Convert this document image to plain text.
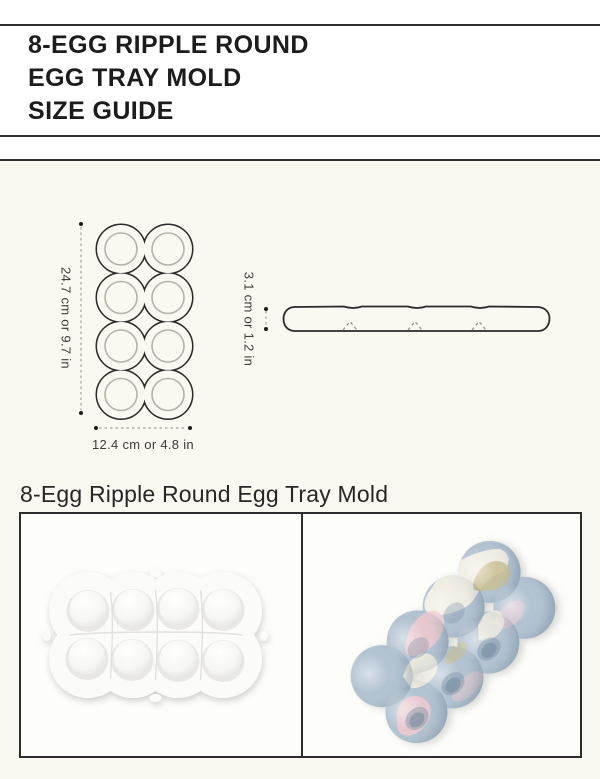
8-EGG RIPPLE ROUND
EGG TRAY MOLD
SIZE GUIDE
24.7 cm or 9.7 in
12.4 cm or 4.8 in
3.1 cm or 1.2 in
8-Egg Ripple Round Egg Tray Mold
